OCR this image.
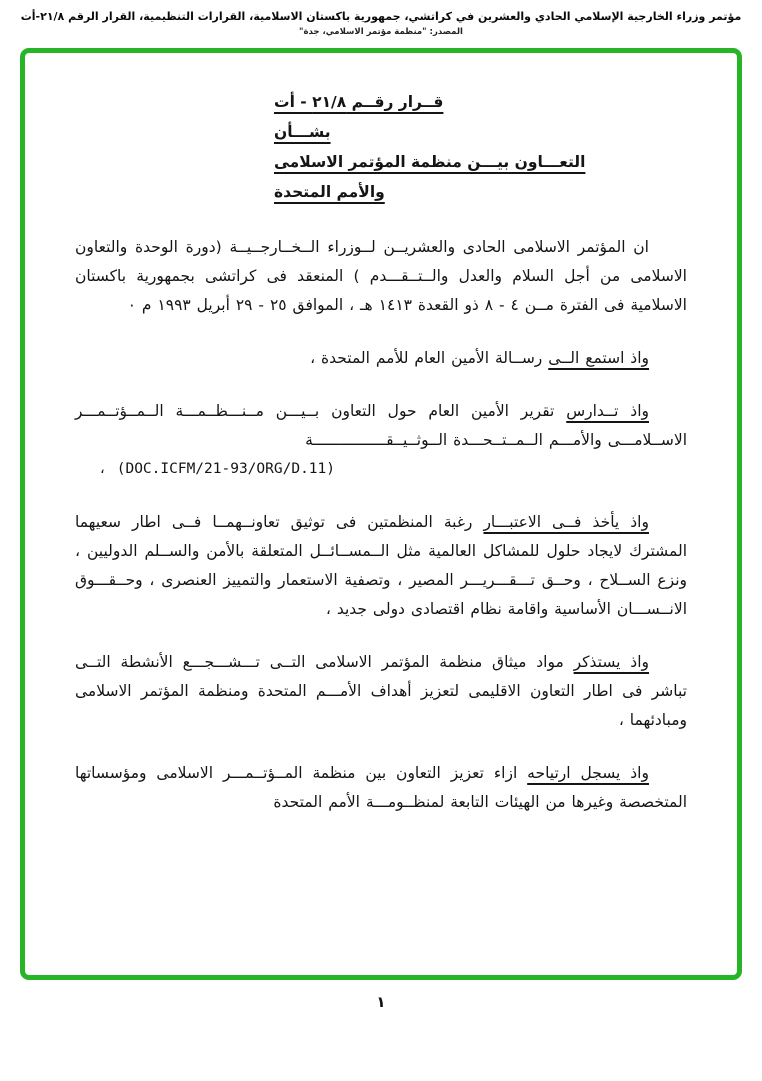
مؤتمر وزراء الخارجية الإسلامي الحادي والعشرين في كراتشي، جمهورية باكستان الاسلامية، القرارات التنظيمية، القرار الرقم ٢١/٨-أت
المصدر: "منظمة مؤتمر الاسلامي، جدة"
قــرار رقــم ٢١/٨ - أت
بشـــأن
التعـــاون بيـــن منظمة المؤتمر الاسلامى
والأمم المتحدة

ان المؤتمر الاسلامى الحادى والعشريــن لــوزراء الــخــارجــيــة (دورة الوحدة والتعاون الاسلامى من أجل السلام والعدل والــتــقـــدم ) المنعقد فى كراتشى بجمهورية باكستان الاسلامية فى الفترة مــن ٤ - ٨ ذو القعدة ١٤١٣ هـ ، الموافق ٢٥ - ٢٩ أبريل ١٩٩٣ م ٠

واذ استمع الــى رســالة الأمين العام للأمم المتحدة ،

واذ تــدارس تقرير الأمين العام حول التعاون بــيـــن مــنـــظــمـــة الــمــؤتــمـــر الاســلامـــى والأمـــم الــمــتــحـــدة الــوثــيــقــــــــــــــــة
(DOC.ICFM/21-93/ORG/D.11) ،

واذ يأخذ فــى الاعتبـــار رغبة المنظمتين فى توثيق تعاونــهمــا فــى اطار سعيهما المشترك لايجاد حلول للمشاكل العالمية مثل الــمســائــل المتعلقة بالأمن والســلم الدوليين ، ونزع الســلاح ، وحــق تـــقـــريـــر المصير ، وتصفية الاستعمار والتمييز العنصرى ، وحــقـــوق الانــســـان الأساسية واقامة نظام اقتصادى دولى جديد ،

واذ يستذكر مواد ميثاق منظمة المؤتمر الاسلامى التــى تـــشـــجـــع الأنشطة التــى تباشر فى اطار التعاون الاقليمى لتعزيز أهداف الأمـــم المتحدة ومنظمة المؤتمر الاسلامى ومبادئهما ،

واذ يسجل ارتياحه ازاء تعزيز التعاون بين منظمة المــؤتــمـــر الاسلامى ومؤسساتها المتخصصة وغيرها من الهيئات التابعة لمنظــومـــة الأمم المتحدة

١
